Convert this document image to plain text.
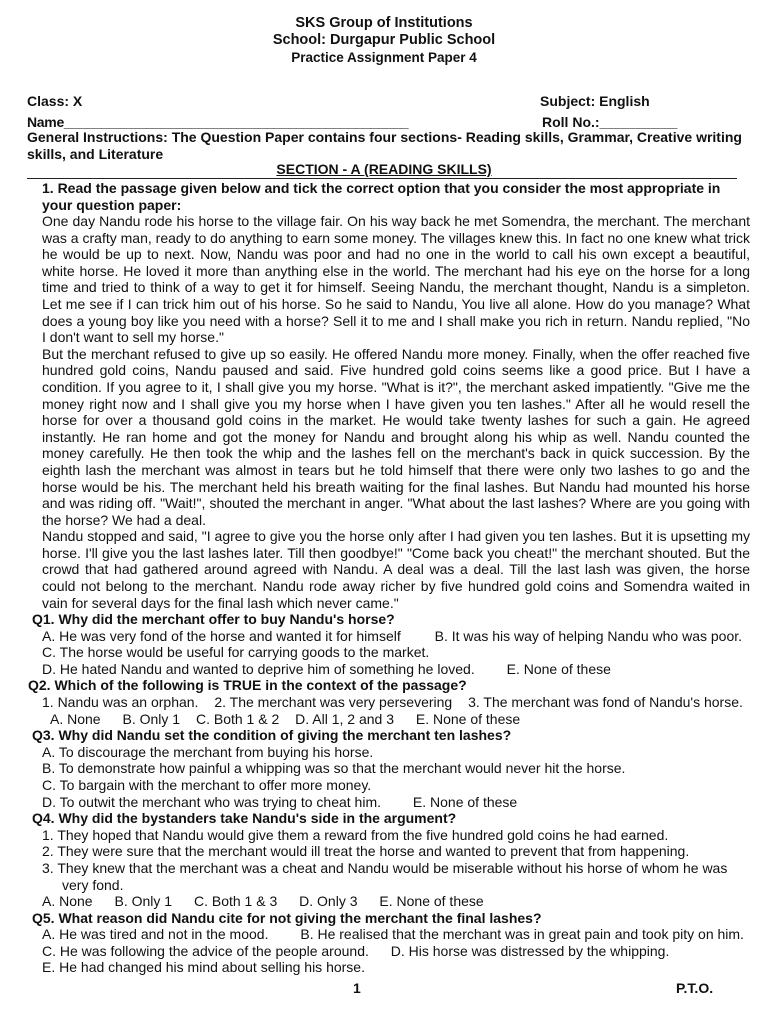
SKS Group of Institutions
School: Durgapur Public School
Practice Assignment Paper 4
Class: X	Subject: English
Name______________________________________________	Roll No.:__________
General Instructions: The Question Paper contains four sections- Reading skills, Grammar, Creative writing skills, and Literature
SECTION - A (READING SKILLS)
1. Read the passage given below and tick the correct option that you consider the most appropriate in your question paper:

One day Nandu rode his horse to the village fair. On his way back he met Somendra, the merchant. The merchant was a crafty man, ready to do anything to earn some money. The villages knew this. In fact no one knew what trick he would be up to next. Now, Nandu was poor and had no one in the world to call his own except a beautiful, white horse. He loved it more than anything else in the world. The merchant had his eye on the horse for a long time and tried to think of a way to get it for himself. Seeing Nandu, the merchant thought, Nandu is a simpleton. Let me see if I can trick him out of his horse. So he said to Nandu, You live all alone. How do you manage? What does a young boy like you need with a horse? Sell it to me and I shall make you rich in return. Nandu replied, "No I don't want to sell my horse."

But the merchant refused to give up so easily. He offered Nandu more money. Finally, when the offer reached five hundred gold coins, Nandu paused and said. Five hundred gold coins seems like a good price. But I have a condition. If you agree to it, I shall give you my horse. "What is it?", the merchant asked impatiently. "Give me the money right now and I shall give you my horse when I have given you ten lashes." After all he would resell the horse for over a thousand gold coins in the market. He would take twenty lashes for such a gain. He agreed instantly. He ran home and got the money for Nandu and brought along his whip as well. Nandu counted the money carefully. He then took the whip and the lashes fell on the merchant's back in quick succession. By the eighth lash the merchant was almost in tears but he told himself that there were only two lashes to go and the horse would be his. The merchant held his breath waiting for the final lashes. But Nandu had mounted his horse and was riding off. "Wait!", shouted the merchant in anger. "What about the last lashes? Where are you going with the horse? We had a deal.

Nandu stopped and said, "I agree to give you the horse only after I had given you ten lashes. But it is upsetting my horse. I'll give you the last lashes later. Till then goodbye!" "Come back you cheat!" the merchant shouted. But the crowd that had gathered around agreed with Nandu. A deal was a deal. Till the last lash was given, the horse could not belong to the merchant. Nandu rode away richer by five hundred gold coins and Somendra waited in vain for several days for the final lash which never came."

Q1. Why did the merchant offer to buy Nandu's horse?
A. He was very fond of the horse and wanted it for himself B. It was his way of helping Nandu who was poor.
C. The horse would be useful for carrying goods to the market.
D. He hated Nandu and wanted to deprive him of something he loved. E. None of these
Q2. Which of the following is TRUE in the context of the passage?
1. Nandu was an orphan. 2. The merchant was very persevering 3. The merchant was fond of Nandu's horse.
A. None B. Only 1 C. Both 1 & 2 D. All 1, 2 and 3 E. None of these
Q3. Why did Nandu set the condition of giving the merchant ten lashes?
A. To discourage the merchant from buying his horse.
B. To demonstrate how painful a whipping was so that the merchant would never hit the horse.
C. To bargain with the merchant to offer more money.
D. To outwit the merchant who was trying to cheat him. E. None of these
Q4. Why did the bystanders take Nandu's side in the argument?
1. They hoped that Nandu would give them a reward from the five hundred gold coins he had earned.
2. They were sure that the merchant would ill treat the horse and wanted to prevent that from happening.
3. They knew that the merchant was a cheat and Nandu would be miserable without his horse of whom he was
very fond.
A. None B. Only 1 C. Both 1 & 3 D. Only 3 E. None of these
Q5. What reason did Nandu cite for not giving the merchant the final lashes?
A. He was tired and not in the mood. B. He realised that the merchant was in great pain and took pity on him.
C. He was following the advice of the people around. D. His horse was distressed by the whipping.
E. He had changed his mind about selling his horse.
1	P.T.O.
